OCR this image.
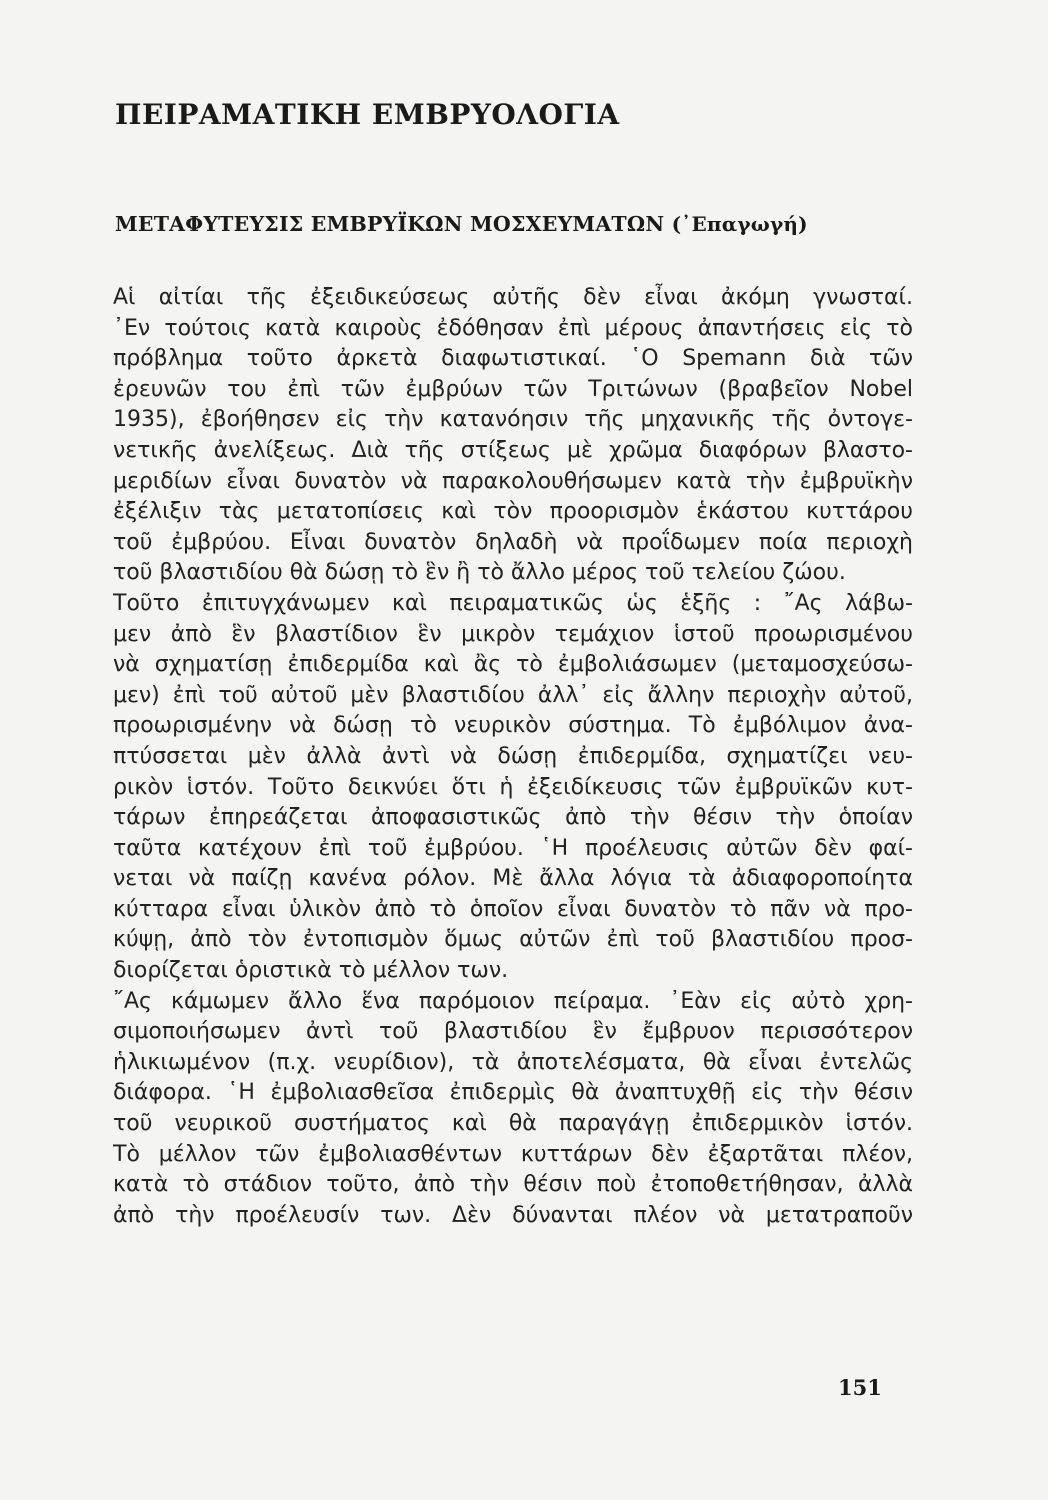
ΠΕΙΡΑΜΑΤΙΚΗ ΕΜΒΡΥΟΛΟΓΙΑ
ΜΕΤΑΦΥΤΕΥΣΙΣ ΕΜΒΡΥΪΚΩΝ ΜΟΣΧΕΥΜΑΤΩΝ (᾿Επαγωγή)
Αἱ αἰτίαι τῆς ἐξειδικεύσεως αὐτῆς δὲν εἶναι ἀκόμη γνωσταί.
᾿Εν τούτοις κατὰ καιροὺς ἐδόθησαν ἐπὶ μέρους ἀπαντήσεις εἰς τὸ
πρόβλημα τοῦτο ἀρκετὰ διαφωτιστικαί. ῾Ο Spemann διὰ τῶν
ἐρευνῶν του ἐπὶ τῶν ἐμβρύων τῶν Τριτώνων (βραβεῖον Nobel
1935), ἐβοήθησεν εἰς τὴν κατανόησιν τῆς μηχανικῆς τῆς ὀντογε-
νετικῆς ἀνελίξεως. Διὰ τῆς στίξεως μὲ χρῶμα διαφόρων βλαστο-
μεριδίων εἶναι δυνατὸν νὰ παρακολουθήσωμεν κατὰ τὴν ἐμβρυϊκὴν
ἐξέλιξιν τὰς μετατοπίσεις καὶ τὸν προορισμὸν ἑκάστου κυττάρου
τοῦ ἐμβρύου. Εἶναι δυνατὸν δηλαδὴ νὰ προΐδωμεν ποία περιοχὴ
τοῦ βλαστιδίου θὰ δώσῃ τὸ ἓν ἢ τὸ ἄλλο μέρος τοῦ τελείου ζώου.
Τοῦτο ἐπιτυγχάνωμεν καὶ πειραματικῶς ὡς ἑξῆς : ῎Ας λάβω-
μεν ἀπὸ ἓν βλαστίδιον ἓν μικρὸν τεμάχιον ἱστοῦ προωρισμένου
νὰ σχηματίσῃ ἐπιδερμίδα καὶ ἂς τὸ ἐμβολιάσωμεν (μεταμοσχεύσω-
μεν) ἐπὶ τοῦ αὐτοῦ μὲν βλαστιδίου ἀλλ᾿ εἰς ἄλλην περιοχὴν αὐτοῦ,
προωρισμένην νὰ δώσῃ τὸ νευρικὸν σύστημα. Τὸ ἐμβόλιμον ἀνα-
πτύσσεται μὲν ἀλλὰ ἀντὶ νὰ δώσῃ ἐπιδερμίδα, σχηματίζει νευ-
ρικὸν ἱστόν. Τοῦτο δεικνύει ὅτι ἡ ἐξειδίκευσις τῶν ἐμβρυϊκῶν κυτ-
τάρων ἐπηρεάζεται ἀποφασιστικῶς ἀπὸ τὴν θέσιν τὴν ὁποίαν
ταῦτα κατέχουν ἐπὶ τοῦ ἐμβρύου. ῾Η προέλευσις αὐτῶν δὲν φαί-
νεται νὰ παίζῃ κανένα ρόλον. Μὲ ἄλλα λόγια τὰ ἀδιαφοροποίητα
κύτταρα εἶναι ὑλικὸν ἀπὸ τὸ ὁποῖον εἶναι δυνατὸν τὸ πᾶν νὰ προ-
κύψῃ, ἀπὸ τὸν ἐντοπισμὸν ὅμως αὐτῶν ἐπὶ τοῦ βλαστιδίου προσ-
διορίζεται ὁριστικὰ τὸ μέλλον των.
῎Ας κάμωμεν ἄλλο ἕνα παρόμοιον πείραμα. ᾿Εὰν εἰς αὐτὸ χρη-
σιμοποιήσωμεν ἀντὶ τοῦ βλαστιδίου ἓν ἔμβρυον περισσότερον
ἡλικιωμένον (π.χ. νευρίδιον), τὰ ἀποτελέσματα, θὰ εἶναι ἐντελῶς
διάφορα. ῾Η ἐμβολιασθεῖσα ἐπιδερμὶς θὰ ἀναπτυχθῇ εἰς τὴν θέσιν
τοῦ νευρικοῦ συστήματος καὶ θὰ παραγάγῃ ἐπιδερμικὸν ἱστόν.
Τὸ μέλλον τῶν ἐμβολιασθέντων κυττάρων δὲν ἐξαρτᾶται πλέον,
κατὰ τὸ στάδιον τοῦτο, ἀπὸ τὴν θέσιν ποὺ ἐτοποθετήθησαν, ἀλλὰ
ἀπὸ τὴν προέλευσίν των. Δὲν δύνανται πλέον νὰ μετατραποῦν
151
